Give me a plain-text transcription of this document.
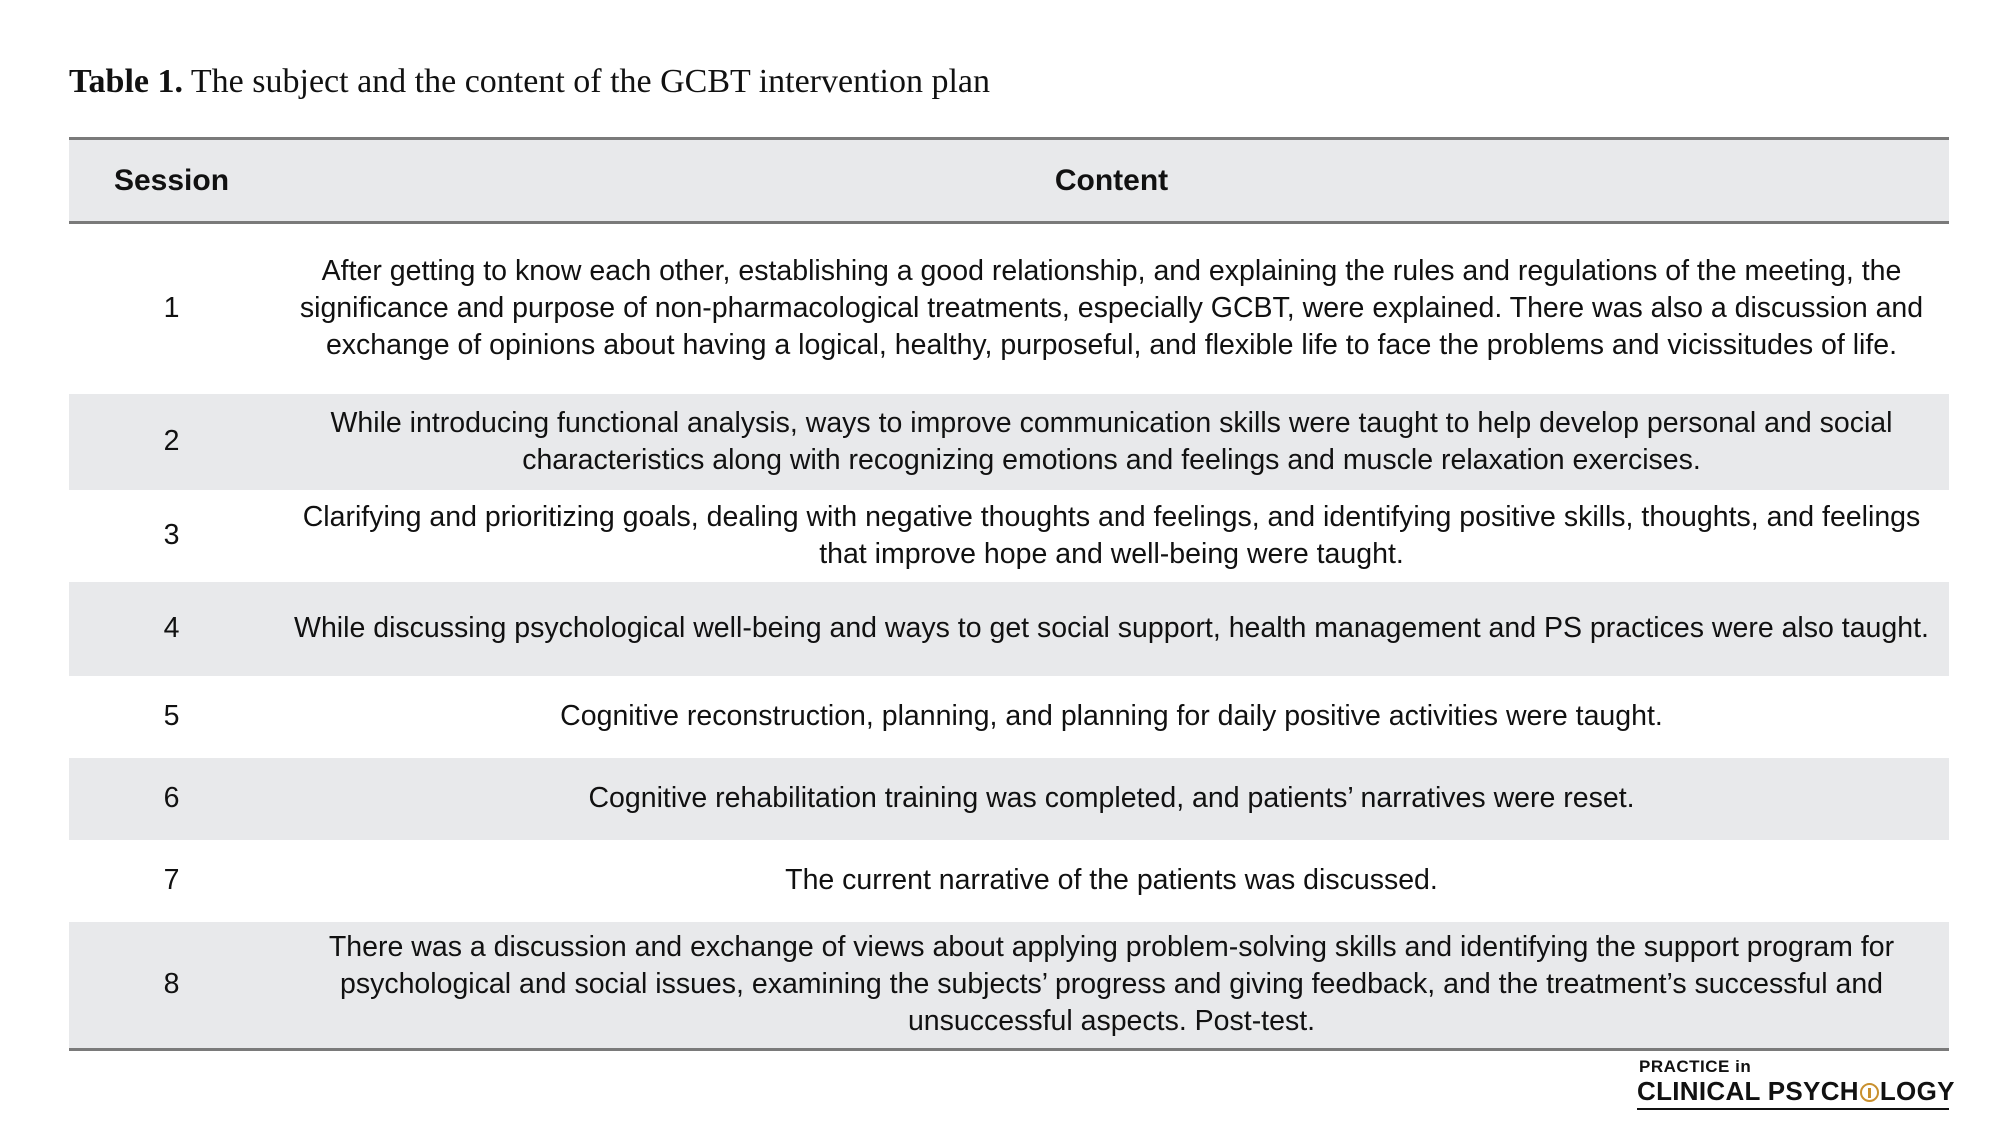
Table 1. The subject and the content of the GCBT intervention plan
Session	Content
1	After getting to know each other, establishing a good relationship, and explaining the rules and regulations of the meeting, the significance and purpose of non-pharmacological treatments, especially GCBT, were explained. There was also a discussion and exchange of opinions about having a logical, healthy, purposeful, and flexible life to face the problems and vicissitudes of life.
2	While introducing functional analysis, ways to improve communication skills were taught to help develop personal and social characteristics along with recognizing emotions and feelings and muscle relaxation exercises.
3	Clarifying and prioritizing goals, dealing with negative thoughts and feelings, and identifying positive skills, thoughts, and feelings that improve hope and well-being were taught.
4	While discussing psychological well-being and ways to get social support, health management and PS practices were also taught.
5	Cognitive reconstruction, planning, and planning for daily positive activities were taught.
6	Cognitive rehabilitation training was completed, and patients’ narratives were reset.
7	The current narrative of the patients was discussed.
8	There was a discussion and exchange of views about applying problem-solving skills and identifying the support program for psychological and social issues, examining the subjects’ progress and giving feedback, and the treatment’s successful and unsuccessful aspects. Post-test.
PRACTICE in
CLINICAL PSYCH LOGY
